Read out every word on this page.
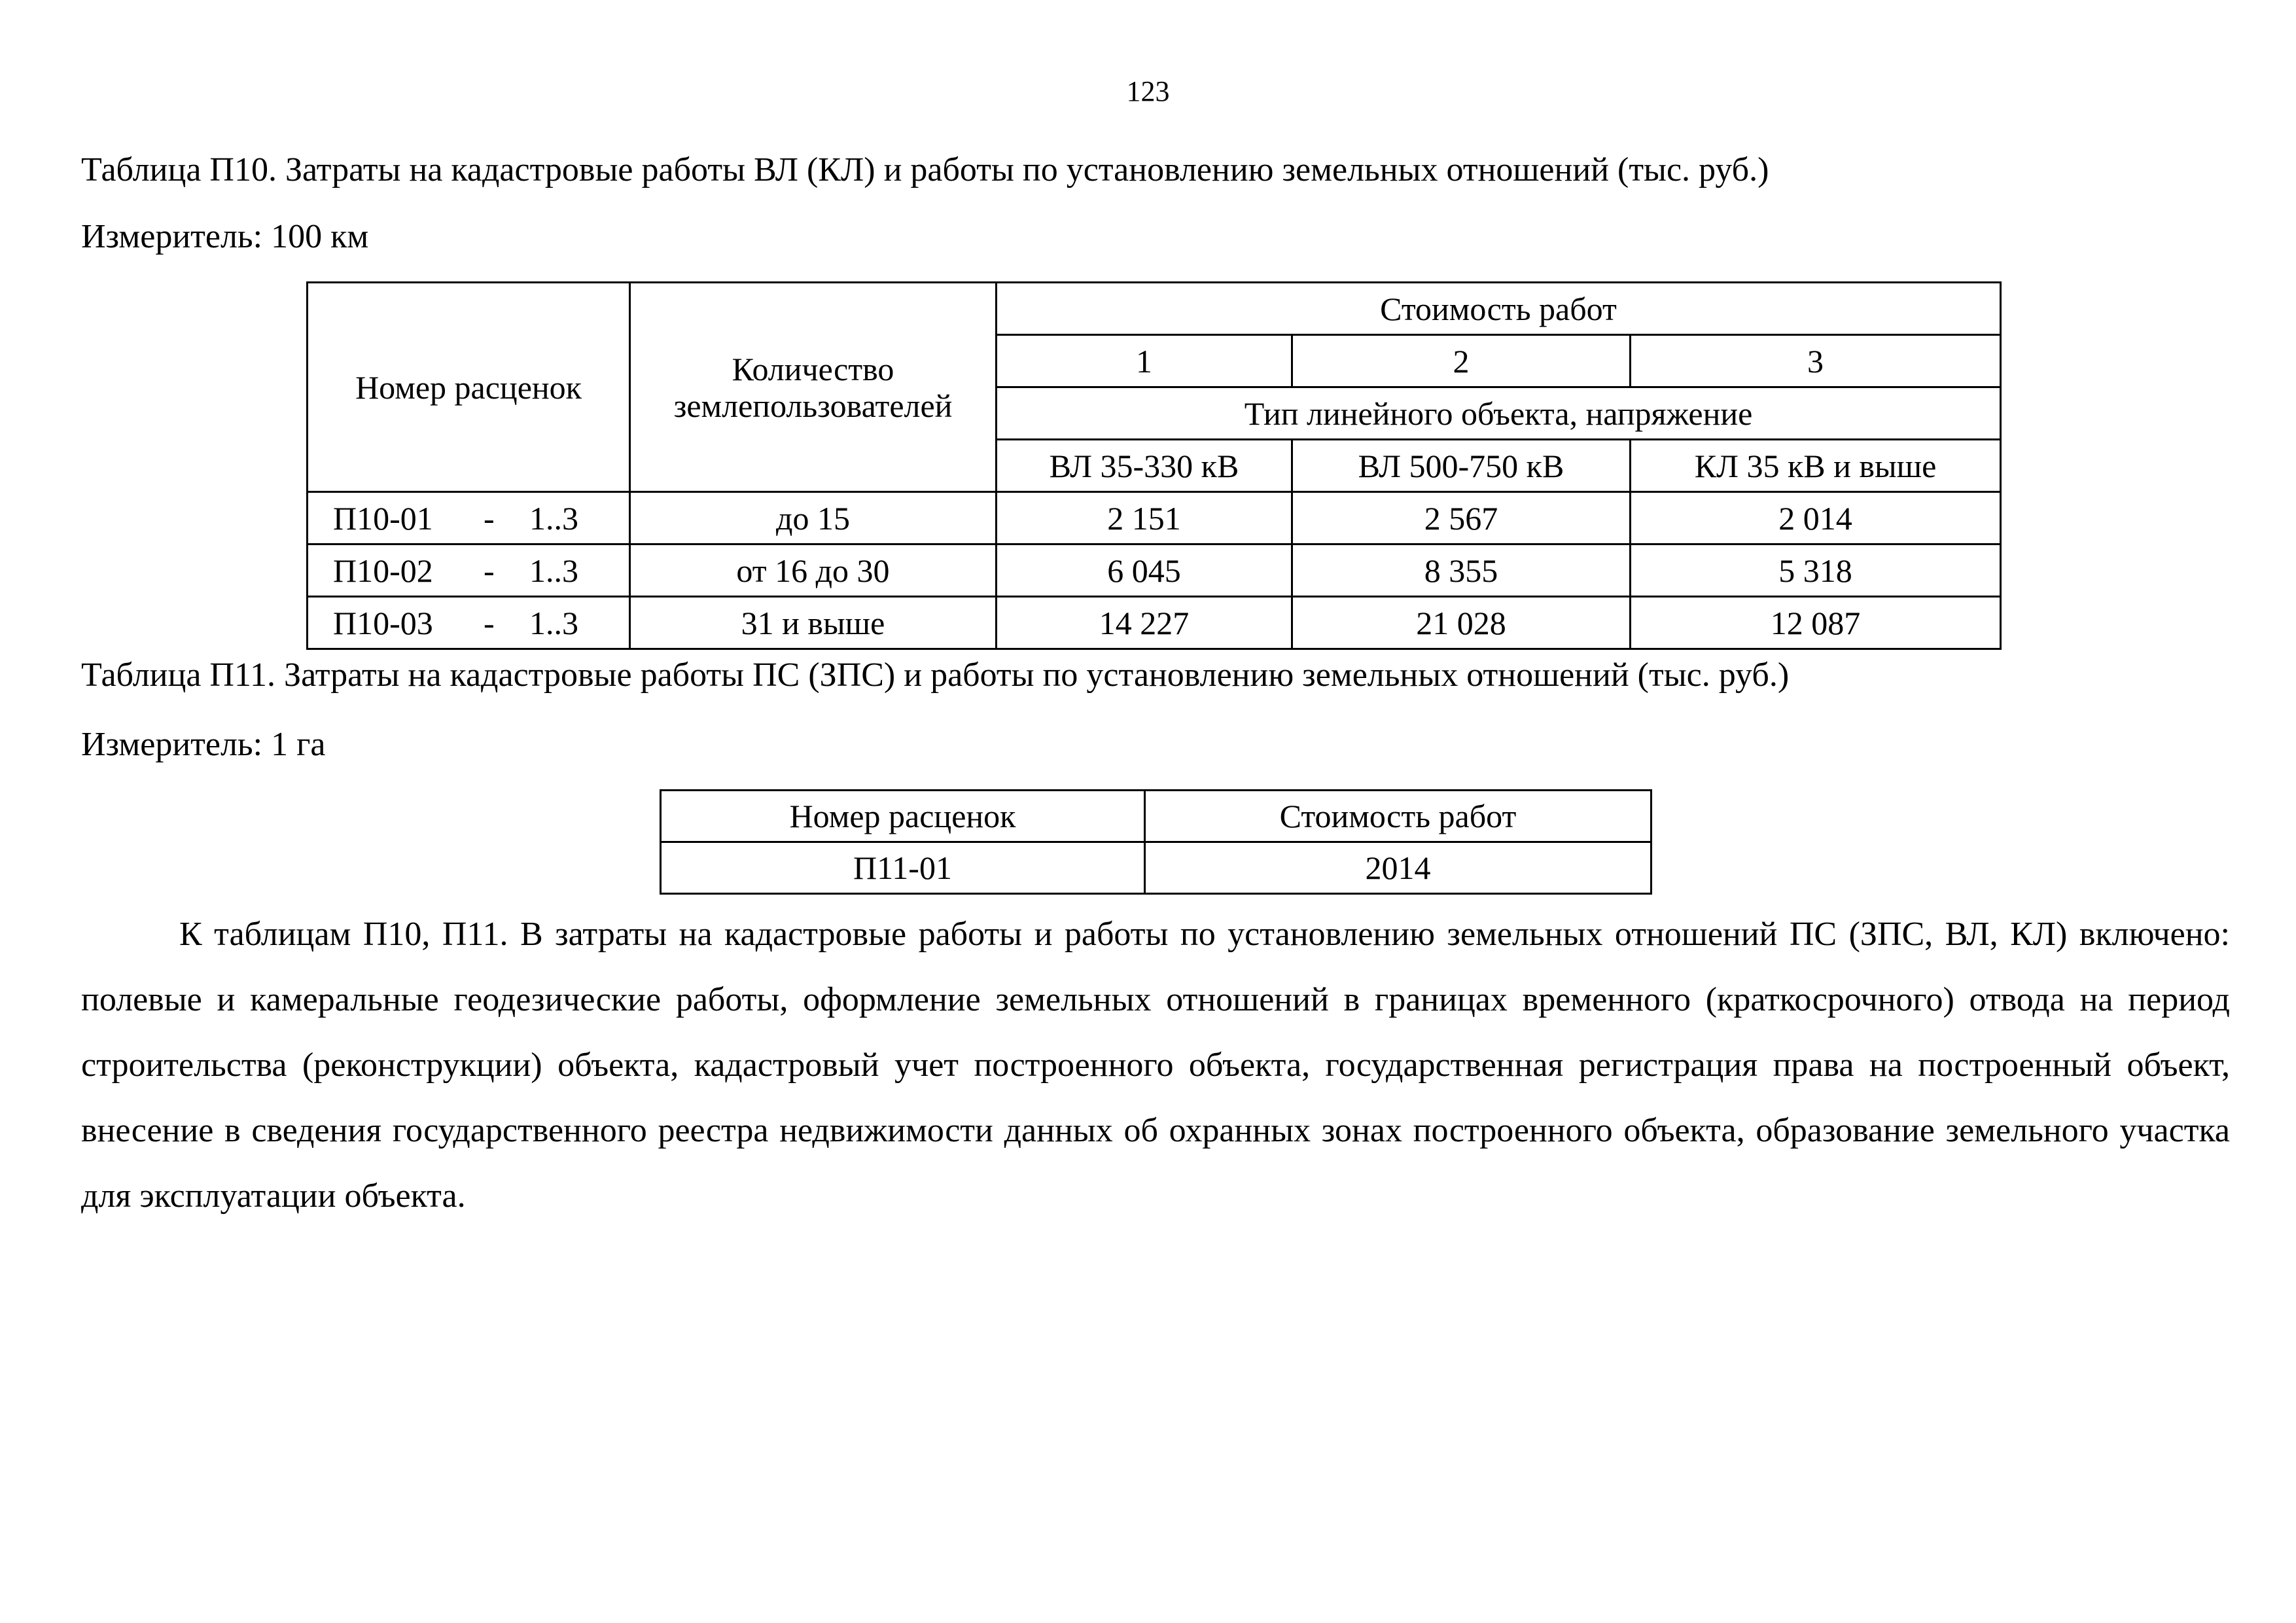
123
Таблица П10. Затраты на кадастровые работы ВЛ (КЛ) и работы по установлению земельных отношений (тыс. руб.)
Измеритель: 100 км
Номер расценок	Количество землепользователей	Стоимость работ		
		1	2	3
		Тип линейного объекта, напряжение		
		ВЛ 35-330 кВ	ВЛ 500-750 кВ	КЛ 35 кВ и выше
П10-01 - 1..3	до 15	2 151	2 567	2 014
П10-02 - 1..3	от 16 до 30	6 045	8 355	5 318
П10-03 - 1..3	31 и выше	14 227	21 028	12 087
Таблица П11. Затраты на кадастровые работы ПС (ЗПС) и работы по установлению земельных отношений (тыс. руб.)
Измеритель: 1 га
Номер расценок	Стоимость работ
П11-01	2014
К таблицам П10, П11. В затраты на кадастровые работы и работы по установлению земельных отношений ПС (ЗПС, ВЛ, КЛ) включено: полевые и камеральные геодезические работы, оформление земельных отношений в границах временного (краткосрочного) отвода на период строительства (реконструкции) объекта, кадастровый учет построенного объекта, государственная регистрация права на построенный объект, внесение в сведения государственного реестра недвижимости данных об охранных зонах построенного объекта, образование земельного участка для эксплуатации объекта.
